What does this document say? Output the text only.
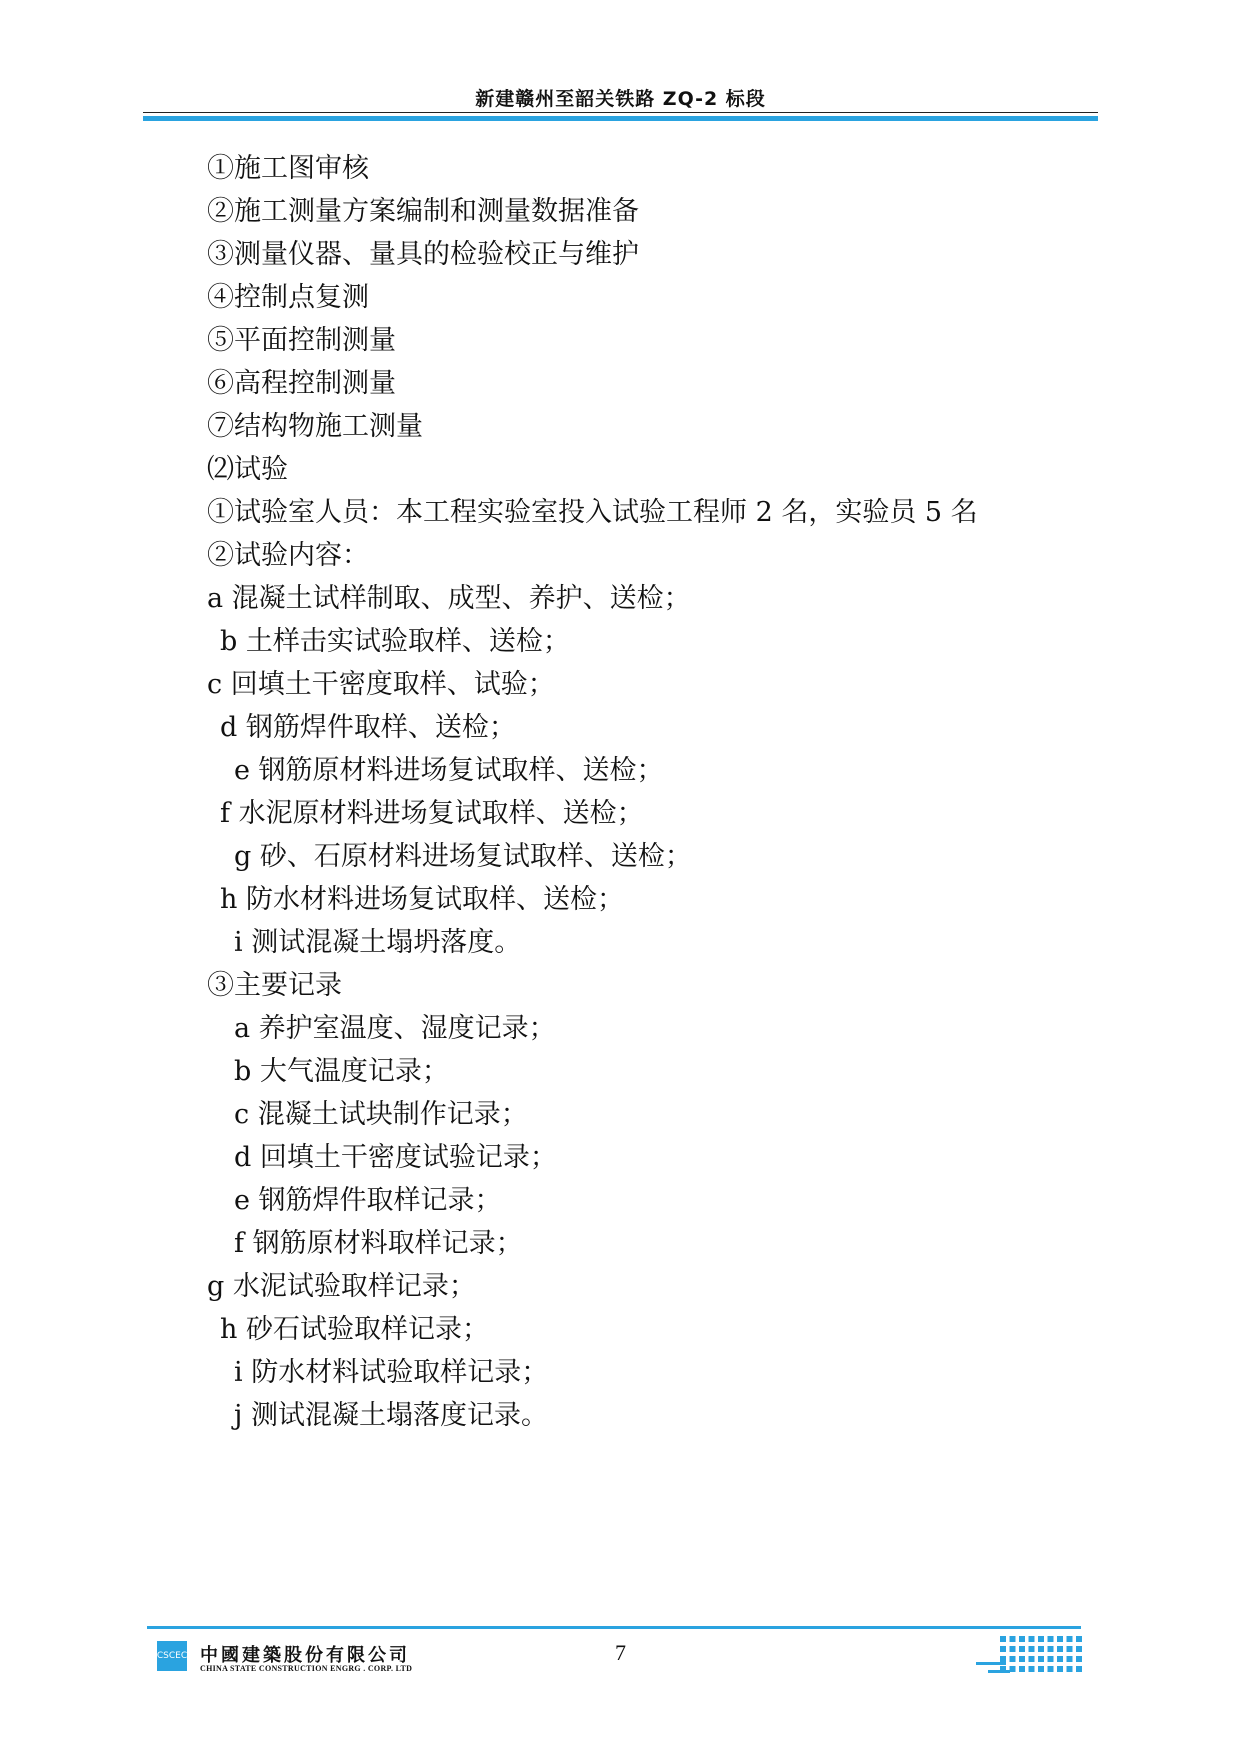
新建赣州至韶关铁路 ZQ-2 标段
①施工图审核
②施工测量方案编制和测量数据准备
③测量仪器、量具的检验校正与维护
④控制点复测
⑤平面控制测量
⑥高程控制测量
⑦结构物施工测量
⑵试验
①试验室人员：本工程实验室投入试验工程师 2 名，实验员 5 名
②试验内容：
a 混凝土试样制取、成型、养护、送检；
b 土样击实试验取样、送检；
c 回填土干密度取样、试验；
d 钢筋焊件取样、送检；
e 钢筋原材料进场复试取样、送检；
f 水泥原材料进场复试取样、送检；
g 砂、石原材料进场复试取样、送检；
h 防水材料进场复试取样、送检；
i 测试混凝土塌坍落度。
③主要记录
a 养护室温度、湿度记录；
b 大气温度记录；
c 混凝土试块制作记录；
d 回填土干密度试验记录；
e 钢筋焊件取样记录；
f 钢筋原材料取样记录；
g 水泥试验取样记录；
h 砂石试验取样记录；
i 防水材料试验取样记录；
j 测试混凝土塌落度记录。
CSCEC 中國建築股份有限公司
CHINA STATE CONSTRUCTION ENGRG . CORP. LTD
7
